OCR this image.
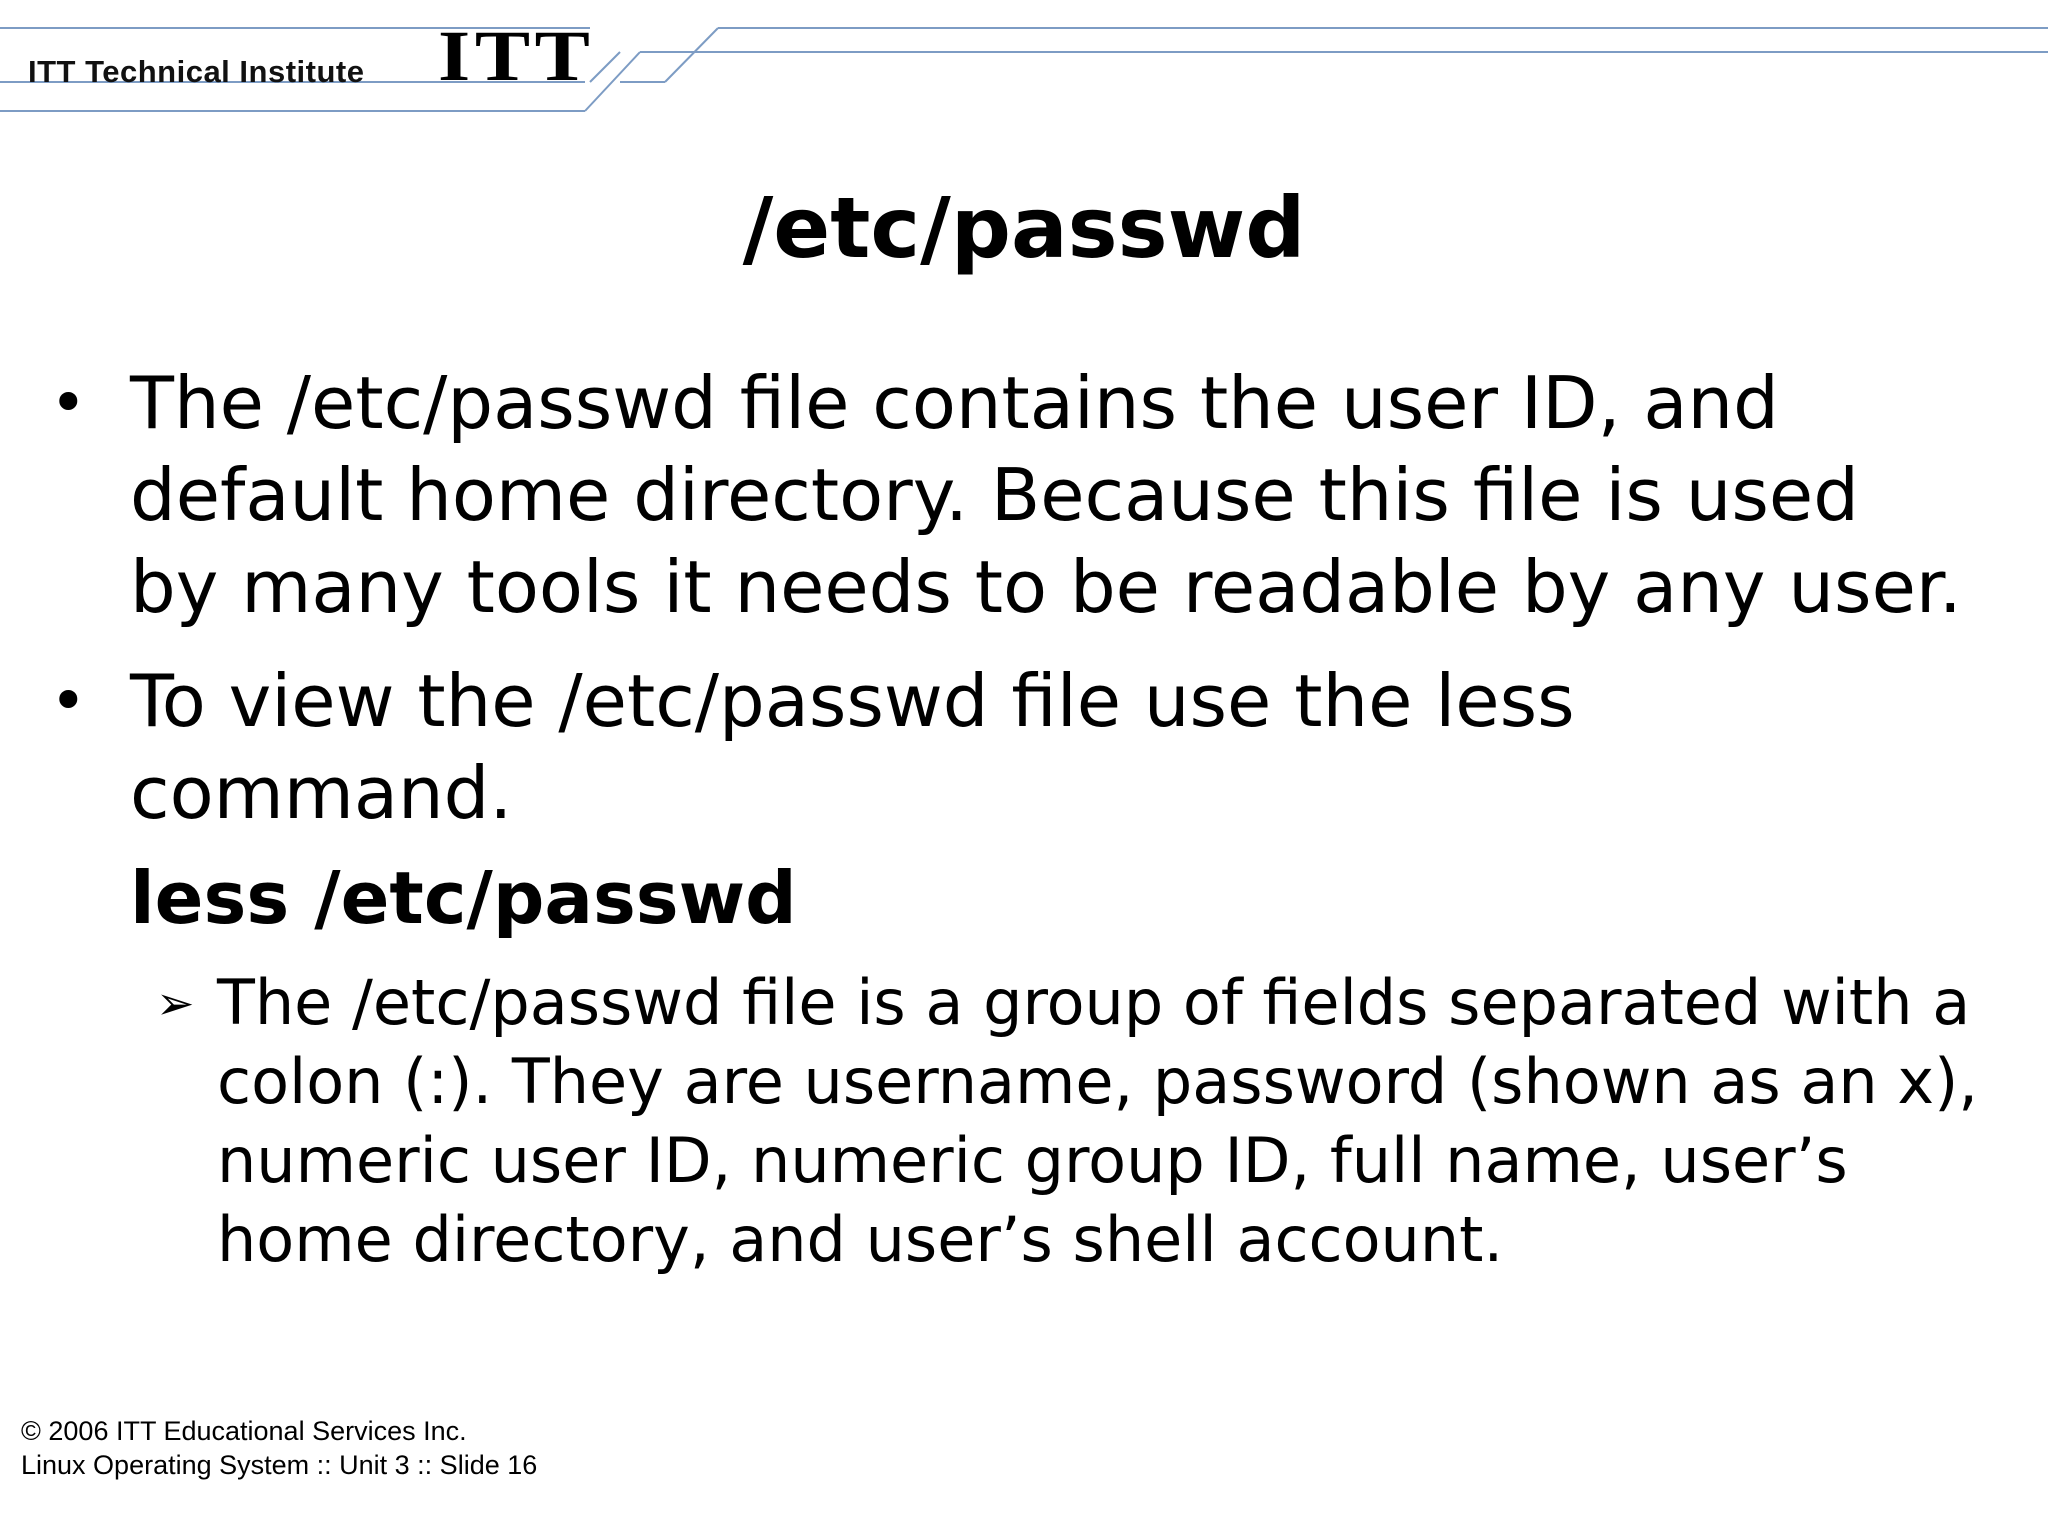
ITT Technical Institute ITT
/etc/passwd
• The /etc/passwd file contains the user ID, and
default home directory. Because this file is used
by many tools it needs to be readable by any user.
• To view the /etc/passwd file use the less
command.
less /etc/passwd
➢ The /etc/passwd file is a group of fields separated with a
colon (:). They are username, password (shown as an x),
numeric user ID, numeric group ID, full name, user’s
home directory, and user’s shell account.
© 2006 ITT Educational Services Inc.
Linux Operating System :: Unit 3 :: Slide 16
